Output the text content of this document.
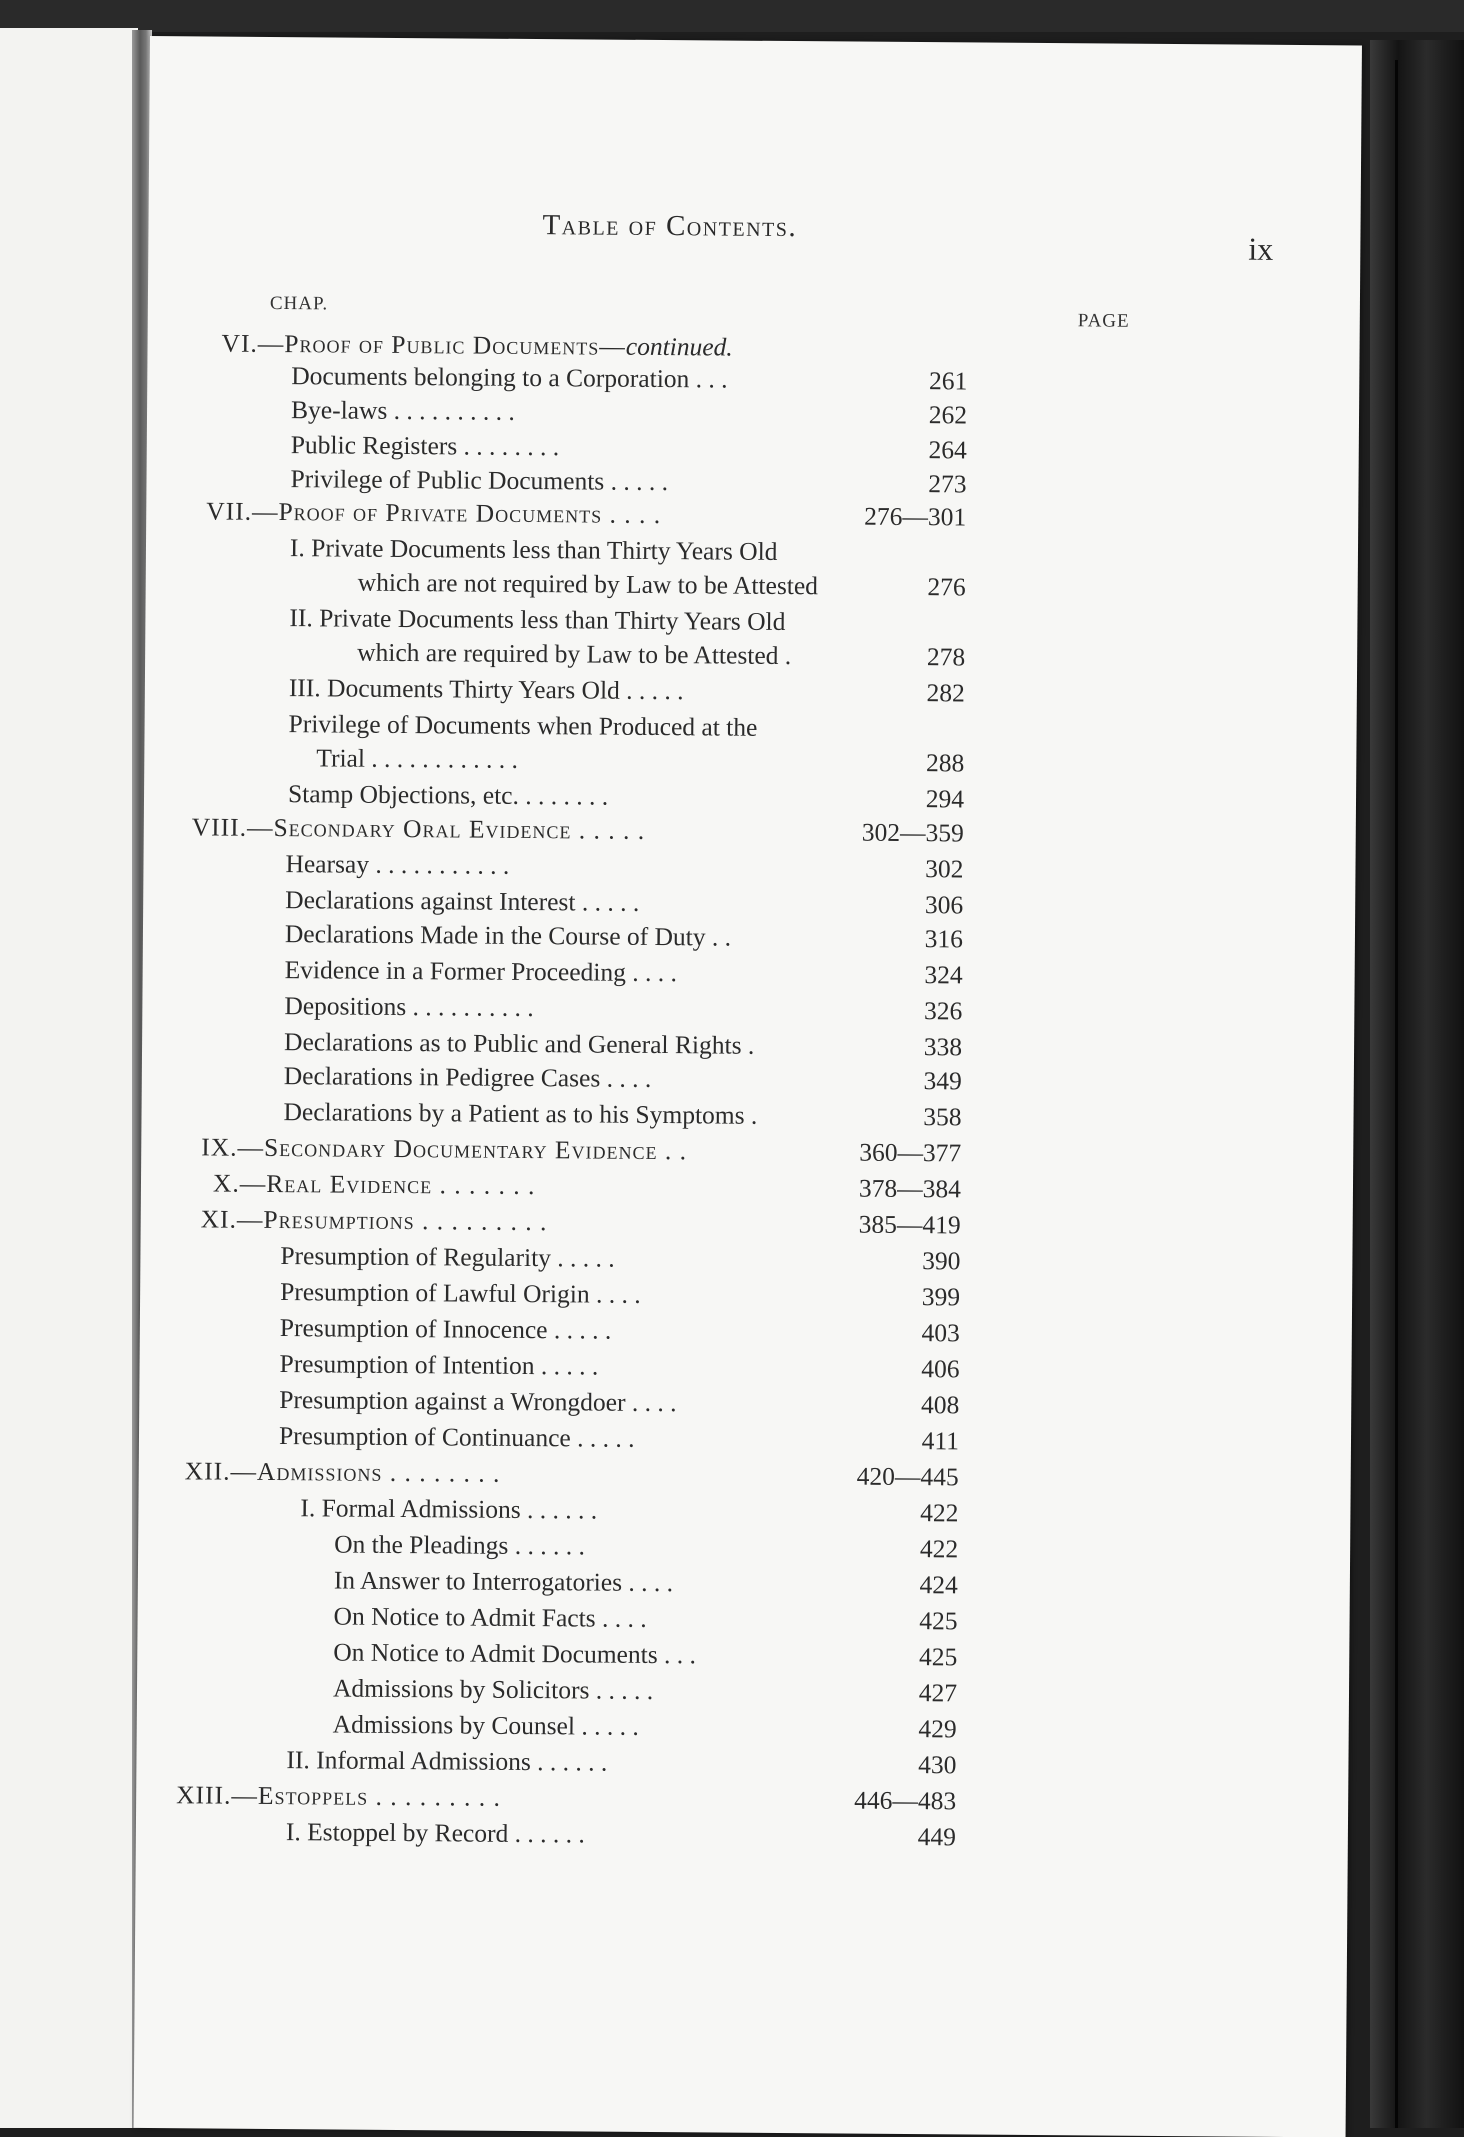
Table of Contents.
ix
CHAP.
PAGE
VI.—Proof of Public Documents—continued.
Documents belonging to a Corporation . . .	261
Bye-laws . . . . . . . . . .	262
Public Registers . . . . . . . .	264
Privilege of Public Documents . . . . .	273
VII.—Proof of Private Documents . . . .	276—301
I. Private Documents less than Thirty Years Old
which are not required by Law to be Attested	276
II. Private Documents less than Thirty Years Old
which are required by Law to be Attested .	278
III. Documents Thirty Years Old . . . . .	282
Privilege of Documents when Produced at the
Trial . . . . . . . . . . . .	288
Stamp Objections, etc. . . . . . . .	294
VIII.—Secondary Oral Evidence . . . . .	302—359
Hearsay . . . . . . . . . . .	302
Declarations against Interest . . . . .	306
Declarations Made in the Course of Duty . .	316
Evidence in a Former Proceeding . . . .	324
Depositions . . . . . . . . . .	326
Declarations as to Public and General Rights .	338
Declarations in Pedigree Cases . . . .	349
Declarations by a Patient as to his Symptoms .	358
IX.—Secondary Documentary Evidence . .	360—377
X.—Real Evidence . . . . . . .	378—384
XI.—Presumptions . . . . . . . . .	385—419
Presumption of Regularity . . . . .	390
Presumption of Lawful Origin . . . .	399
Presumption of Innocence . . . . .	403
Presumption of Intention . . . . .	406
Presumption against a Wrongdoer . . . .	408
Presumption of Continuance . . . . .	411
XII.—Admissions . . . . . . . .	420—445
I. Formal Admissions . . . . . .	422
On the Pleadings . . . . . .	422
In Answer to Interrogatories . . . .	424
On Notice to Admit Facts . . . .	425
On Notice to Admit Documents . . .	425
Admissions by Solicitors . . . . .	427
Admissions by Counsel . . . . .	429
II. Informal Admissions . . . . . .	430
XIII.—Estoppels . . . . . . . . .	446—483
I. Estoppel by Record . . . . . .	449
